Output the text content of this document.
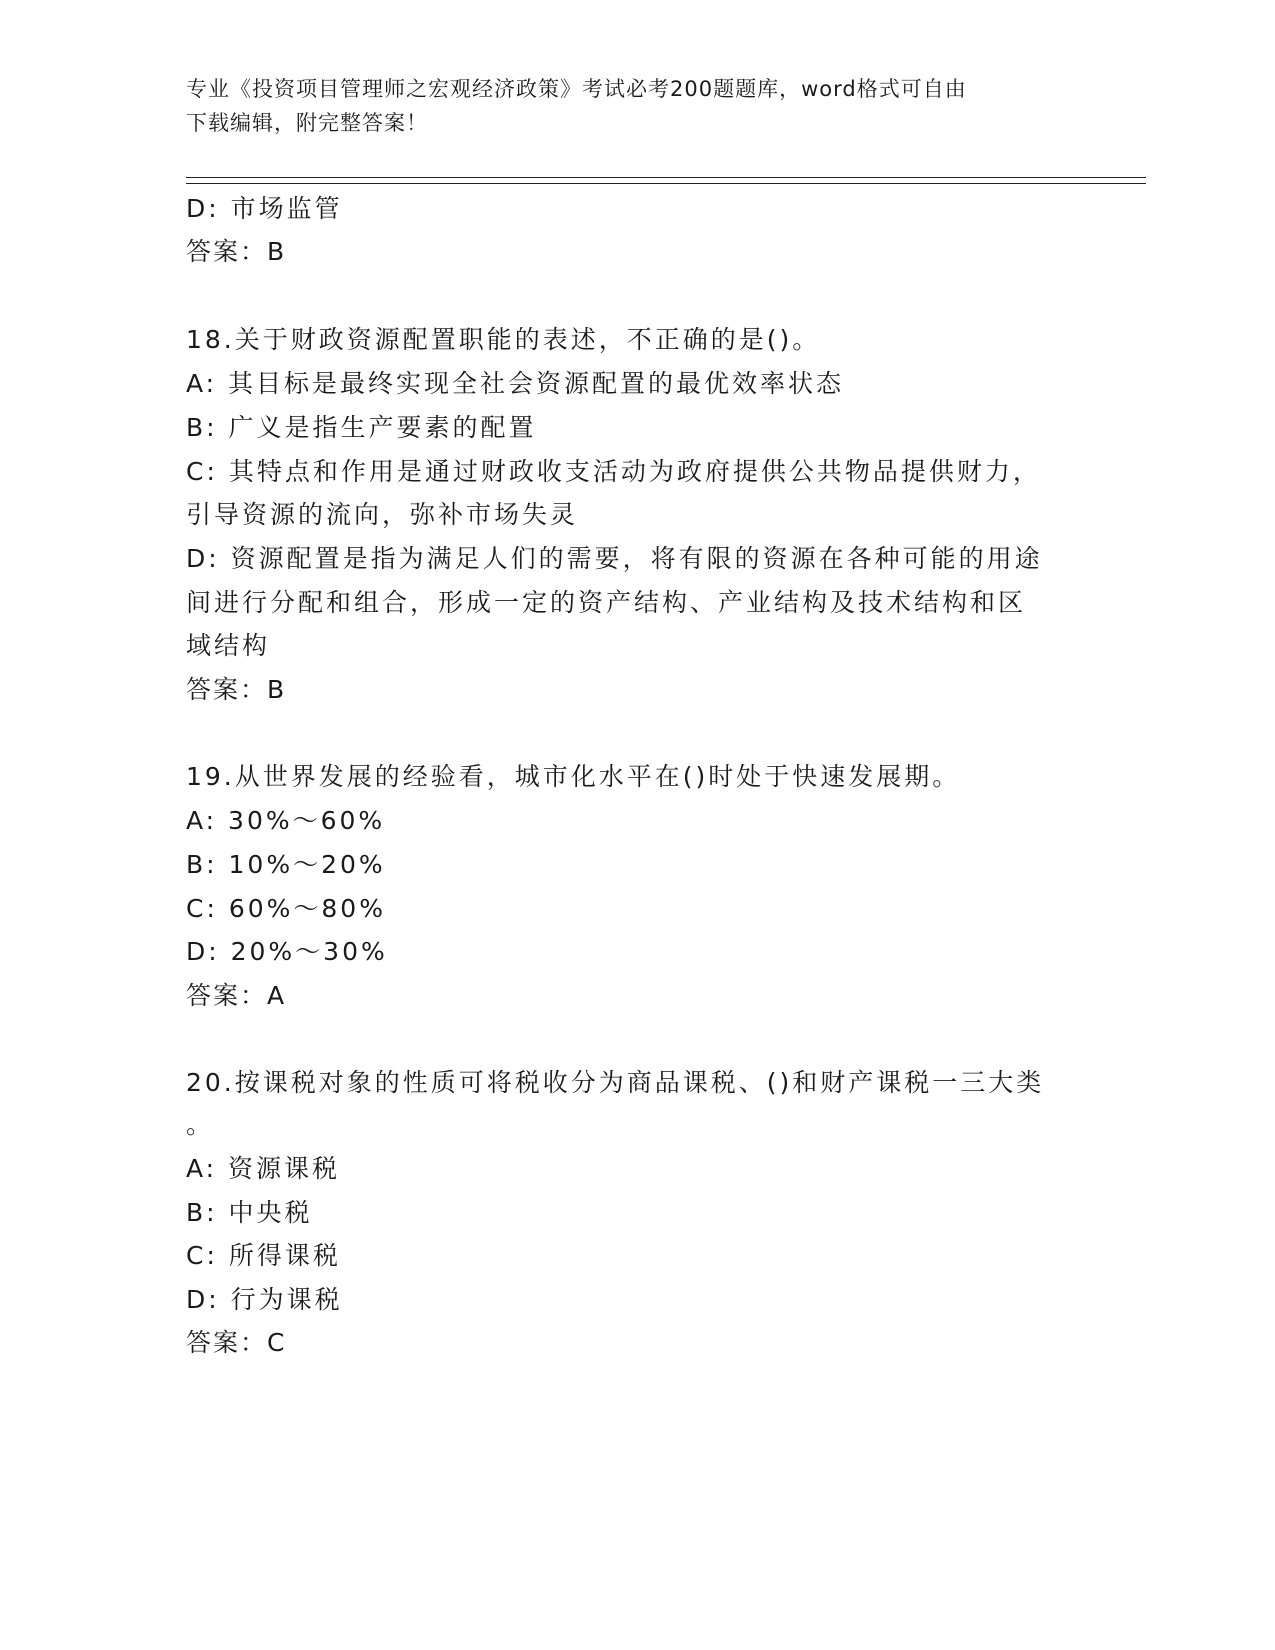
专业《投资项目管理师之宏观经济政策》考试必考200题题库，word格式可自由
下载编辑，附完整答案！
D: 市场监管
答案：B
18.关于财政资源配置职能的表述，不正确的是()。
A: 其目标是最终实现全社会资源配置的最优效率状态
B: 广义是指生产要素的配置
C: 其特点和作用是通过财政收支活动为政府提供公共物品提供财力，
引导资源的流向，弥补市场失灵
D: 资源配置是指为满足人们的需要，将有限的资源在各种可能的用途
间进行分配和组合，形成一定的资产结构、产业结构及技术结构和区
域结构
答案：B
19.从世界发展的经验看，城市化水平在()时处于快速发展期。
A: 30%～60%
B: 10%～20%
C: 60%～80%
D: 20%～30%
答案：A
20.按课税对象的性质可将税收分为商品课税、()和财产课税一三大类
。
A: 资源课税
B: 中央税
C: 所得课税
D: 行为课税
答案：C
